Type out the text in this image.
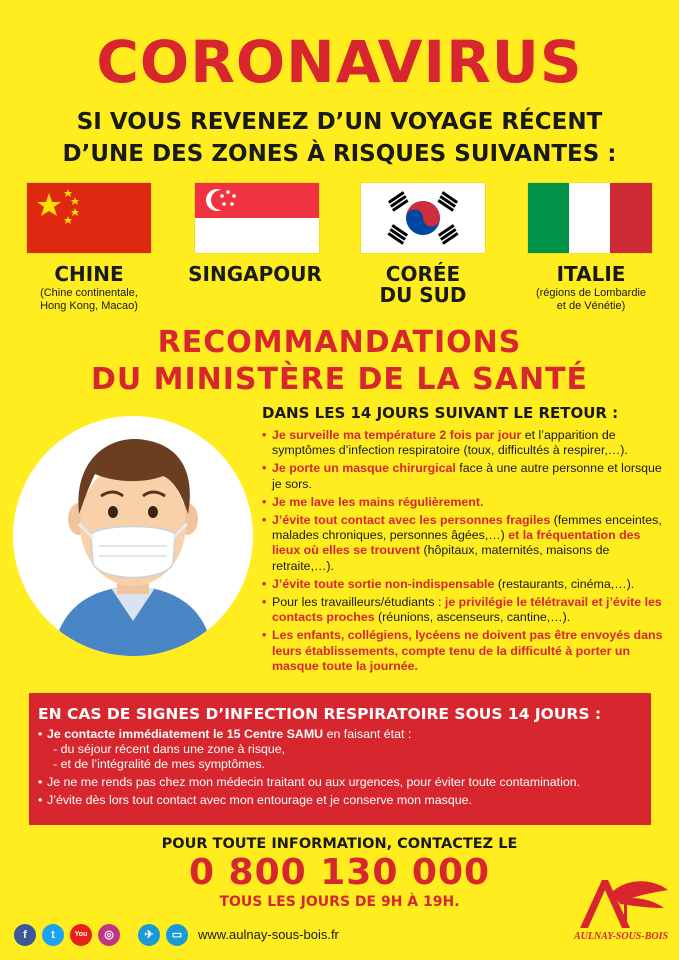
CORONAVIRUS
SI VOUS REVENEZ D’UN VOYAGE RÉCENT
D’UNE DES ZONES À RISQUES SUIVANTES :
CHINE
(Chine continentale,
Hong Kong, Macao)
SINGAPOUR	CORÉE
DU SUD
ITALIE
(régions de Lombardie
et de Vénétie)
RECOMMANDATIONS
DU MINISTÈRE DE LA SANTÉ
DANS LES 14 JOURS SUIVANT LE RETOUR :
• Je surveille ma température 2 fois par jour et l’apparition de symptômes d’infection respiratoire (toux, difficultés à respirer,…).
• Je porte un masque chirurgical face à une autre personne et lorsque je sors.
• Je me lave les mains régulièrement.
• J’évite tout contact avec les personnes fragiles (femmes enceintes, malades chroniques, personnes âgées,…) et la fréquentation des lieux où elles se trouvent (hôpitaux, maternités, maisons de retraite,…).
• J’évite toute sortie non-indispensable (restaurants, cinéma,…).
• Pour les travailleurs/étudiants : je privilégie le télétravail et j’évite les contacts proches (réunions, ascenseurs, cantine,…).
• Les enfants, collégiens, lycéens ne doivent pas être envoyés dans leurs établissements, compte tenu de la difficulté à porter un masque toute la journée.
EN CAS DE SIGNES D’INFECTION RESPIRATOIRE SOUS 14 JOURS :
• Je contacte immédiatement le 15 Centre SAMU en faisant état :
- du séjour récent dans une zone à risque,
- et de l’intégralité de mes symptômes.
• Je ne me rends pas chez mon médecin traitant ou aux urgences, pour éviter toute contamination.
• J’évite dès lors tout contact avec mon entourage et je conserve mon masque.
POUR TOUTE INFORMATION, CONTACTEZ LE
0 800 130 000
TOUS LES JOURS DE 9H À 19H.
f	t	You	◎	✈	▭	www.aulnay-sous-bois.fr	AULNAY-SOUS-BOIS
